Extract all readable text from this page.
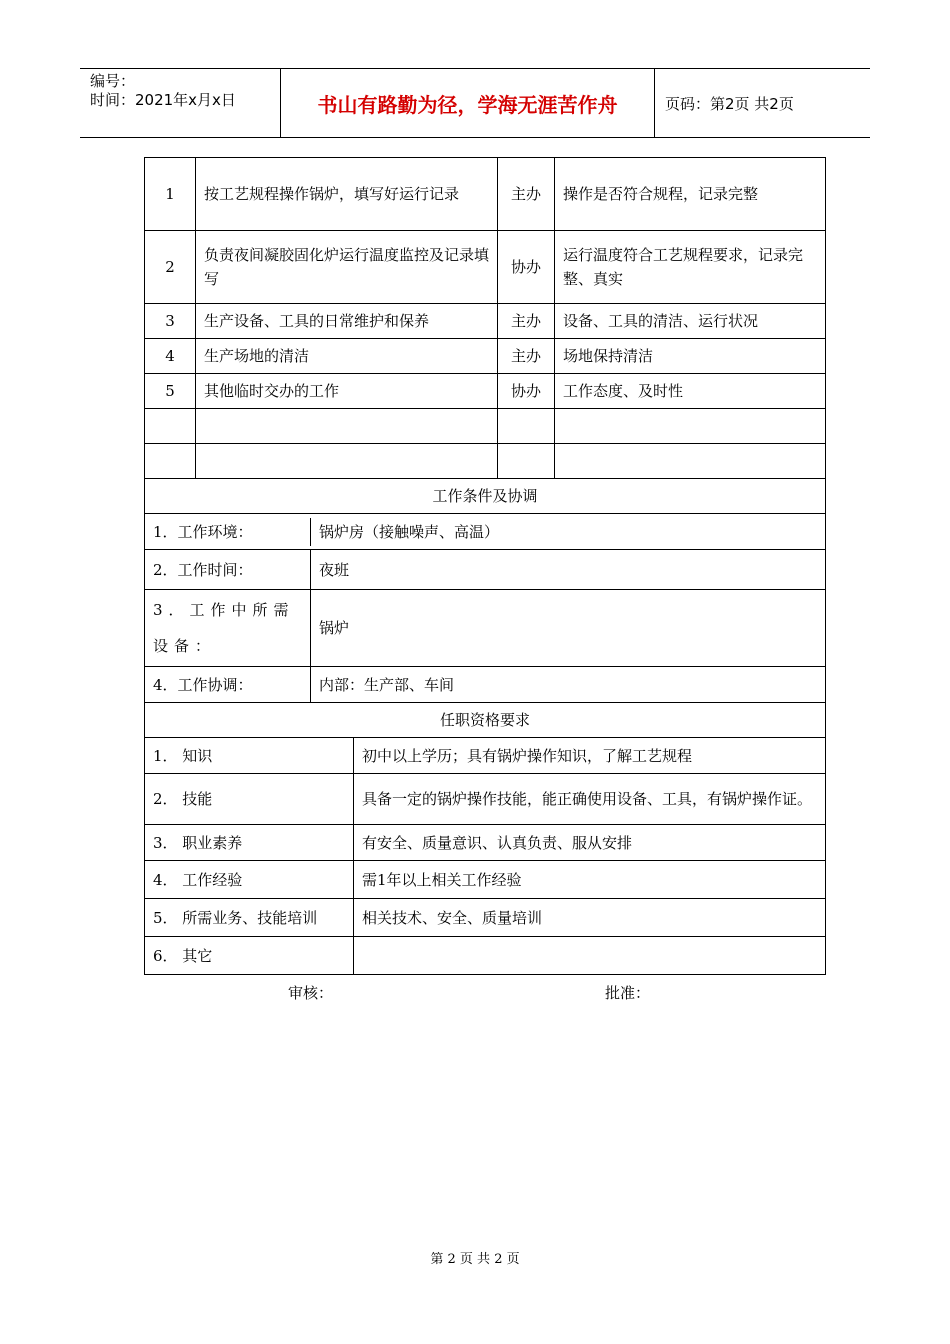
编号：
时间：2021年x月x日	书山有路勤为径，学海无涯苦作舟	页码：第2页 共2页
1	按工艺规程操作锅炉，填写好运行记录	主办	操作是否符合规程，记录完整
2	负责夜间凝胶固化炉运行温度监控及记录填写	协办	运行温度符合工艺规程要求，记录完整、真实
3	生产设备、工具的日常维护和保养	主办	设备、工具的清洁、运行状况
4	生产场地的清洁	主办	场地保持清洁
5	其他临时交办的工作	协办	工作态度、及时性

工作条件及协调

1．工作环境：	锅炉房（接触噪声、高温）

2．工作时间：	夜班

3．工作中所需设备：	锅炉

4．工作协调：	内部：生产部、车间

任职资格要求

1． 知识	初中以上学历；具有锅炉操作知识，了解工艺规程

2． 技能	具备一定的锅炉操作技能，能正确使用设备、工具，有锅炉操作证。

3． 职业素养	有安全、质量意识、认真负责、服从安排

4． 工作经验	需1年以上相关工作经验

5． 所需业务、技能培训	相关技术、安全、质量培训

6． 其它	
审核：	批准：
第 2 页 共 2 页
